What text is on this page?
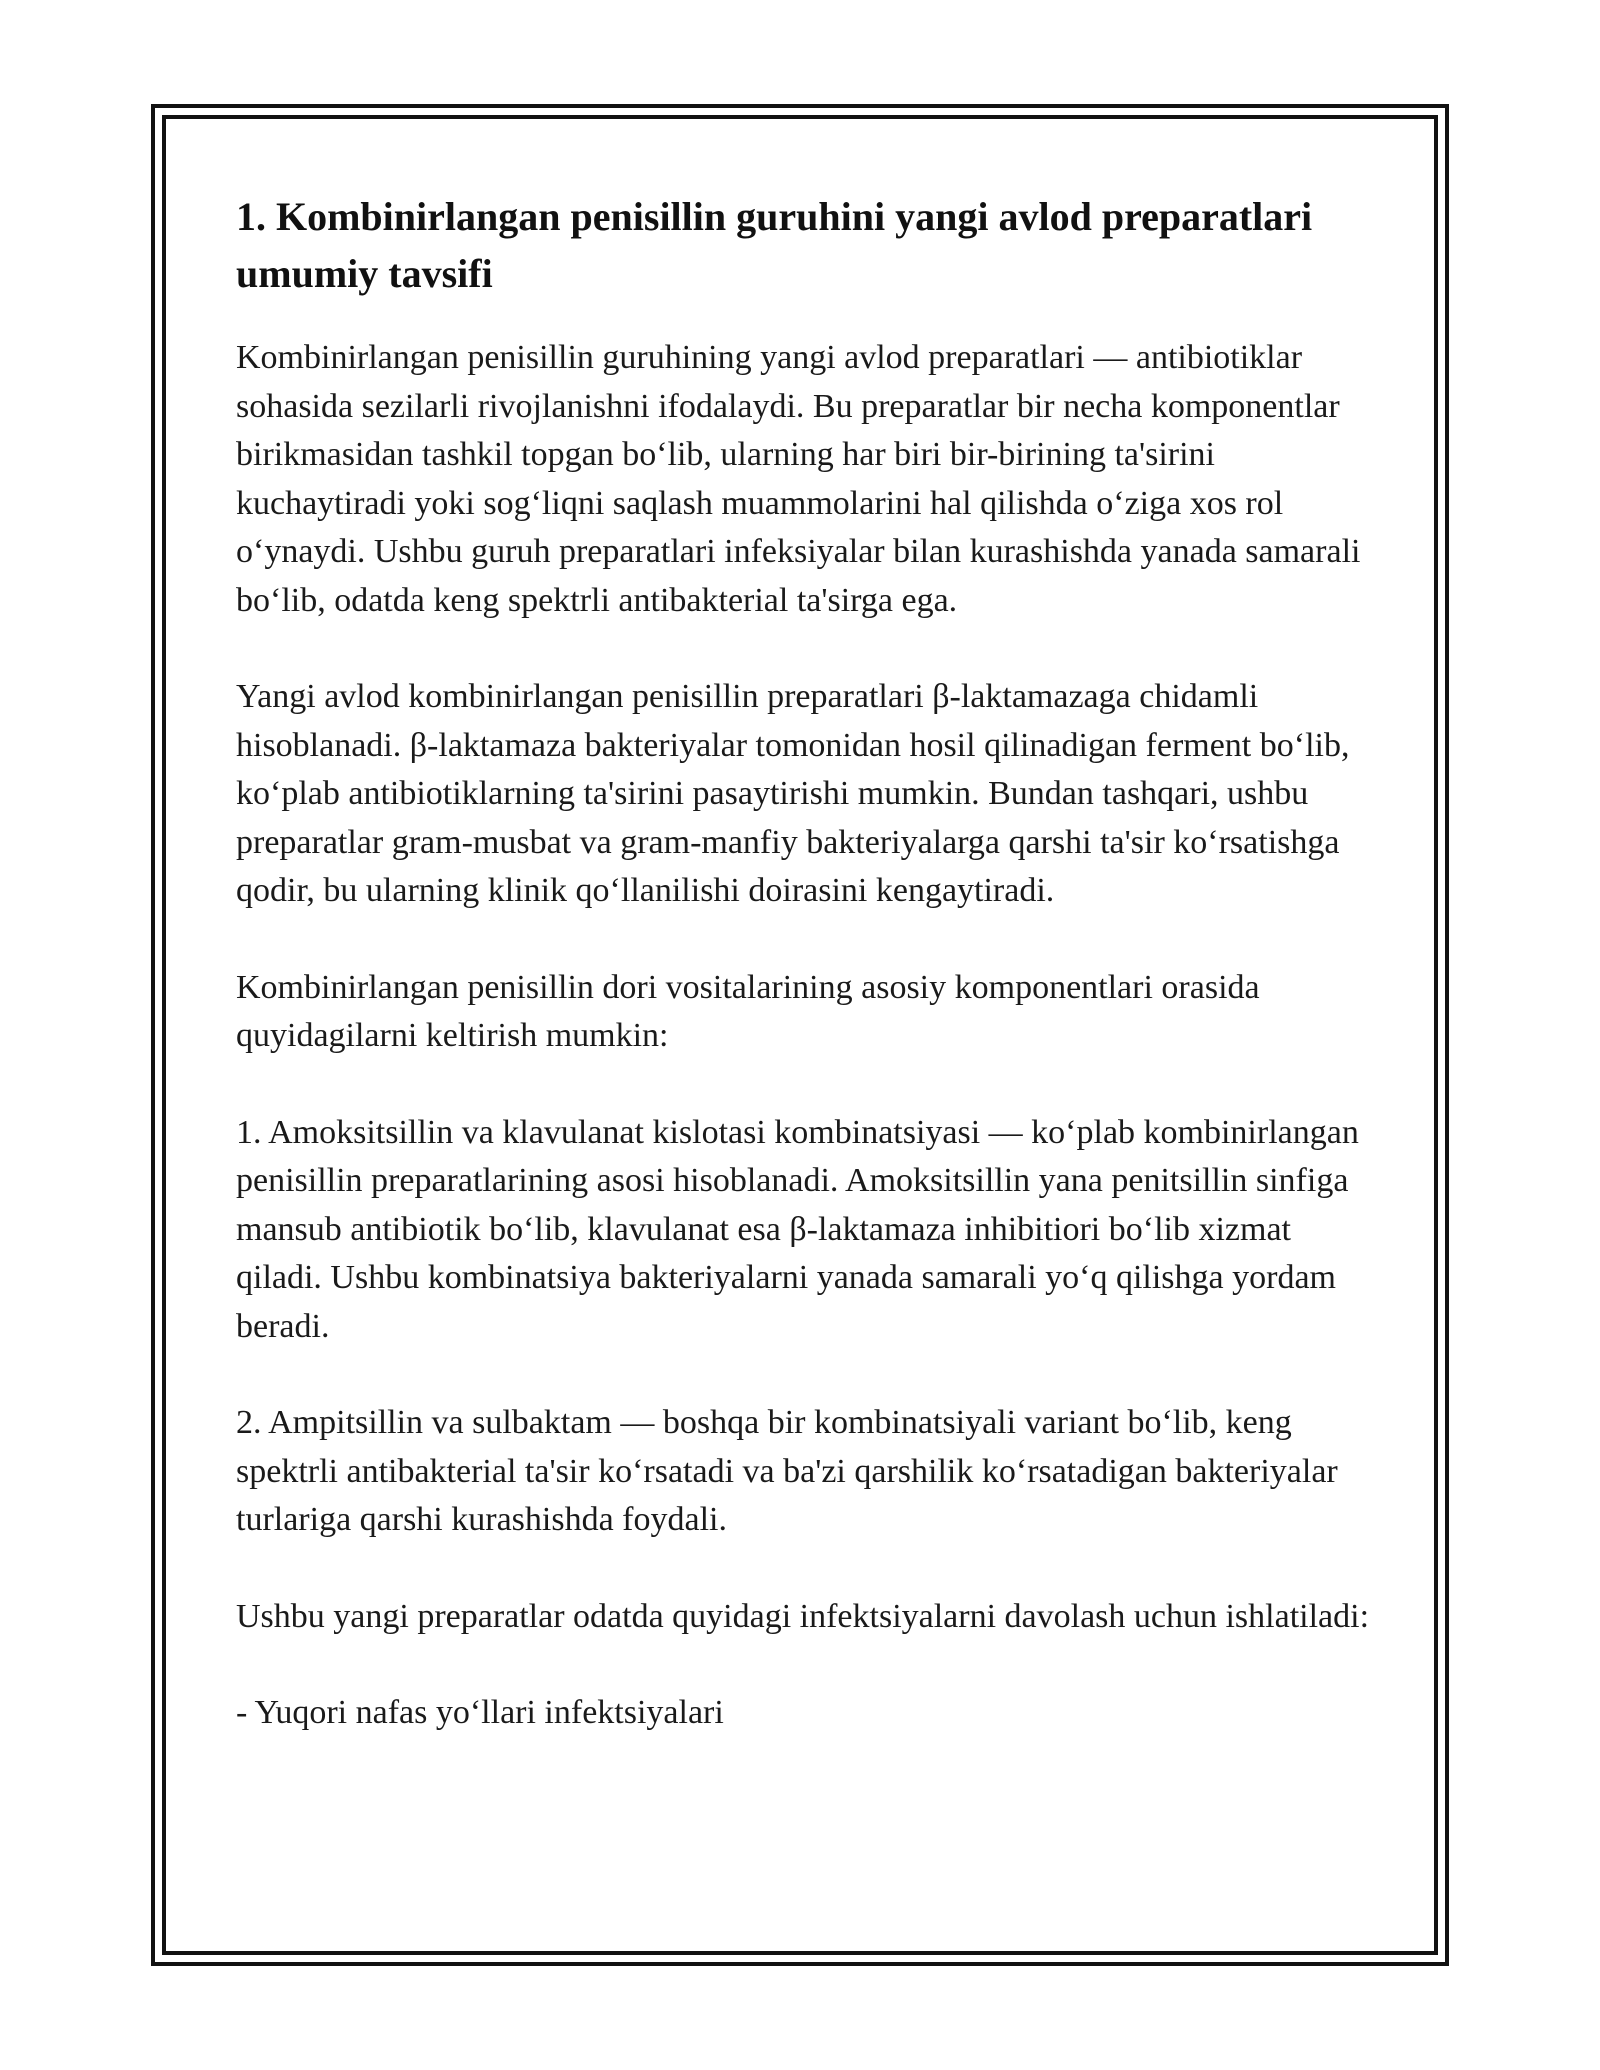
1. Kombinirlangan penisillin guruhini yangi avlod preparatlari umumiy tavsifi

Kombinirlangan penisillin guruhining yangi avlod preparatlari — antibiotiklar sohasida sezilarli rivojlanishni ifodalaydi. Bu preparatlar bir necha komponentlar birikmasidan tashkil topgan bo‘lib, ularning har biri bir-birining ta'sirini kuchaytiradi yoki sog‘liqni saqlash muammolarini hal qilishda o‘ziga xos rol o‘ynaydi. Ushbu guruh preparatlari infeksiyalar bilan kurashishda yanada samarali bo‘lib, odatda keng spektrli antibakterial ta'sirga ega.

Yangi avlod kombinirlangan penisillin preparatlari β-laktamazaga chidamli hisoblanadi. β-laktamaza bakteriyalar tomonidan hosil qilinadigan ferment bo‘lib, ko‘plab antibiotiklarning ta'sirini pasaytirishi mumkin. Bundan tashqari, ushbu preparatlar gram-musbat va gram-manfiy bakteriyalarga qarshi ta'sir ko‘rsatishga qodir, bu ularning klinik qo‘llanilishi doirasini kengaytiradi.

Kombinirlangan penisillin dori vositalarining asosiy komponentlari orasida quyidagilarni keltirish mumkin:

1. Amoksitsillin va klavulanat kislotasi kombinatsiyasi — ko‘plab kombinirlangan penisillin preparatlarining asosi hisoblanadi. Amoksitsillin yana penitsillin sinfiga mansub antibiotik bo‘lib, klavulanat esa β-laktamaza inhibitiori bo‘lib xizmat qiladi. Ushbu kombinatsiya bakteriyalarni yanada samarali yo‘q qilishga yordam beradi.

2. Ampitsillin va sulbaktam — boshqa bir kombinatsiyali variant bo‘lib, keng spektrli antibakterial ta'sir ko‘rsatadi va ba'zi qarshilik ko‘rsatadigan bakteriyalar turlariga qarshi kurashishda foydali.

Ushbu yangi preparatlar odatda quyidagi infektsiyalarni davolash uchun ishlatiladi:

- Yuqori nafas yo‘llari infektsiyalari
